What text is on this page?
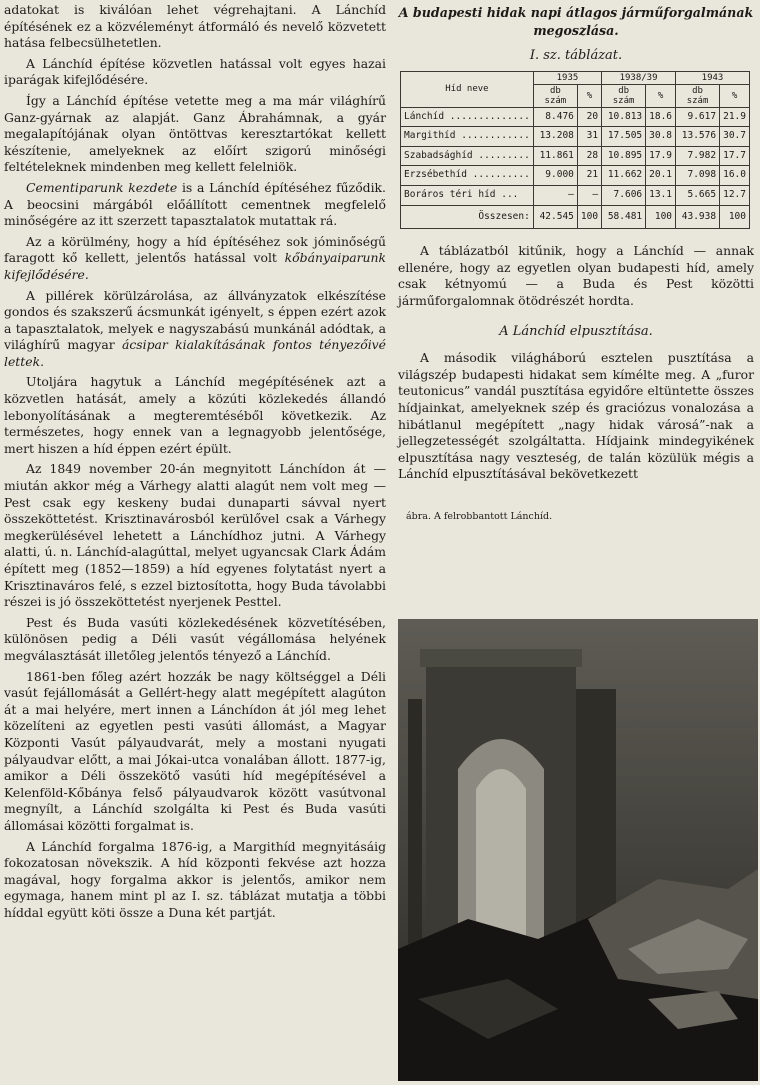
adatokat is kiválóan lehet végrehajtani. A Lánchíd építésének ez a közvéleményt átformáló és nevelő közvetett hatása felbecsülhetetlen.

A Lánchíd építése közvetlen hatással volt egyes hazai iparágak kifejlődésére.

Így a Lánchíd építése vetette meg a ma már világhírű Ganz-gyárnak az alapját. Ganz Ábrahámnak, a gyár megalapítójának olyan öntöttvas keresztartókat kellett készítenie, amelyeknek az előírt szigorú minőségi feltételeknek mindenben meg kellett felelniök.

Cementiparunk kezdete is a Lánchíd építéséhez fűződik. A beocsini márgából előállított cementnek megfelelő minőségére az itt szerzett tapasztalatok mutattak rá.

Az a körülmény, hogy a híd építéséhez sok jóminőségű faragott kő kellett, jelentős hatással volt kőbányaiparunk kifejlődésére.

A pillérek körülzárolása, az állványzatok elkészítése gondos és szakszerű ácsmunkát igényelt, s éppen ezért azok a tapasztalatok, melyek e nagyszabású munkánál adódtak, a világhírű magyar ácsipar kialakításának fontos tényezőivé lettek.

Utoljára hagytuk a Lánchíd megépítésének azt a közvetlen hatását, amely a közúti közlekedés állandó lebonyolításának a megteremtéséből következik. Az természetes, hogy ennek van a legnagyobb jelentősége, mert hiszen a híd éppen ezért épült.

Az 1849 november 20-án megnyitott Lánchídon át — miután akkor még a Várhegy alatti alagút nem volt meg — Pest csak egy keskeny budai dunaparti sávval nyert összeköttetést. Krisztinavárosból kerülővel csak a Várhegy megkerülésével lehetett a Lánchídhoz jutni. A Várhegy alatti, ú. n. Lánchíd-alagúttal, melyet ugyancsak Clark Ádám épített meg (1852—1859) a híd egyenes folytatást nyert a Krisztinaváros felé, s ezzel biztosította, hogy Buda távolabbi részei is jó összeköttetést nyerjenek Pesttel.

Pest és Buda vasúti közlekedésének közvetítésében, különösen pedig a Déli vasút végállomása helyének megválasztását illetőleg jelentős tényező a Lánchíd.

1861-ben főleg azért hozzák be nagy költséggel a Déli vasút fejállomását a Gellért-hegy alatt megépített alagúton át a mai helyére, mert innen a Lánchídon át jól meg lehet közelíteni az egyetlen pesti vasúti állomást, a Magyar Központi Vasút pályaudvarát, mely a mostani nyugati pályaudvar előtt, a mai Jókai-utca vonalában állott. 1877-ig, amikor a Déli összekötő vasúti híd megépítésével a Kelenföld-Kőbánya felső pályaudvarok között vasútvonal megnyílt, a Lánchíd szolgálta ki Pest és Buda vasúti állomásai közötti forgalmat is.

A Lánchíd forgalma 1876-ig, a Margithíd megnyitásáig fokozatosan növekszik. A híd központi fekvése azt hozza magával, hogy forgalma akkor is jelentős, amikor nem egymaga, hanem mint pl az I. sz. táblázat mutatja a többi híddal együtt köti össze a Duna két partját.

A budapesti hidak napi átlagos járműforgalmának megoszlása.
I. sz. táblázat.
Híd neve	1935		1938/39		1943	
	db szám	%	db szám	%	db szám	%
Lánchíd ..............	8.476	20	10.813	18.6	9.617	21.9
Margithíd ............	13.208	31	17.505	30.8	13.576	30.7
Szabadsághíd .........	11.861	28	10.895	17.9	7.982	17.7
Erzsébethíd ..........	9.000	21	11.662	20.1	7.098	16.0
Boráros téri híd ...	—	—	7.606	13.1	5.665	12.7
Összesen:	42.545	100	58.481	100	43.938	100

A táblázatból kitűnik, hogy a Lánchíd — annak ellenére, hogy az egyetlen olyan budapesti híd, amely csak kétnyomú — a Buda és Pest közötti járműforgalomnak ötödrészét hordta.

A Lánchíd elpusztítása.

A második világháború esztelen pusztítása a világszép budapesti hidakat sem kímélte meg. A „furor teutonicus” vandál pusztítása egyidőre eltüntette összes hídjainkat, amelyeknek szép és graciózus vonalozása a hibátlanul megépített „nagy hidak városá”-nak a jellegzetességét szolgáltatta. Hídjaink mindegyikének elpusztítása nagy veszteség, de talán közülük mégis a Lánchíd elpusztításával bekövetkezett

ábra. A felrobbantott Lánchíd.
